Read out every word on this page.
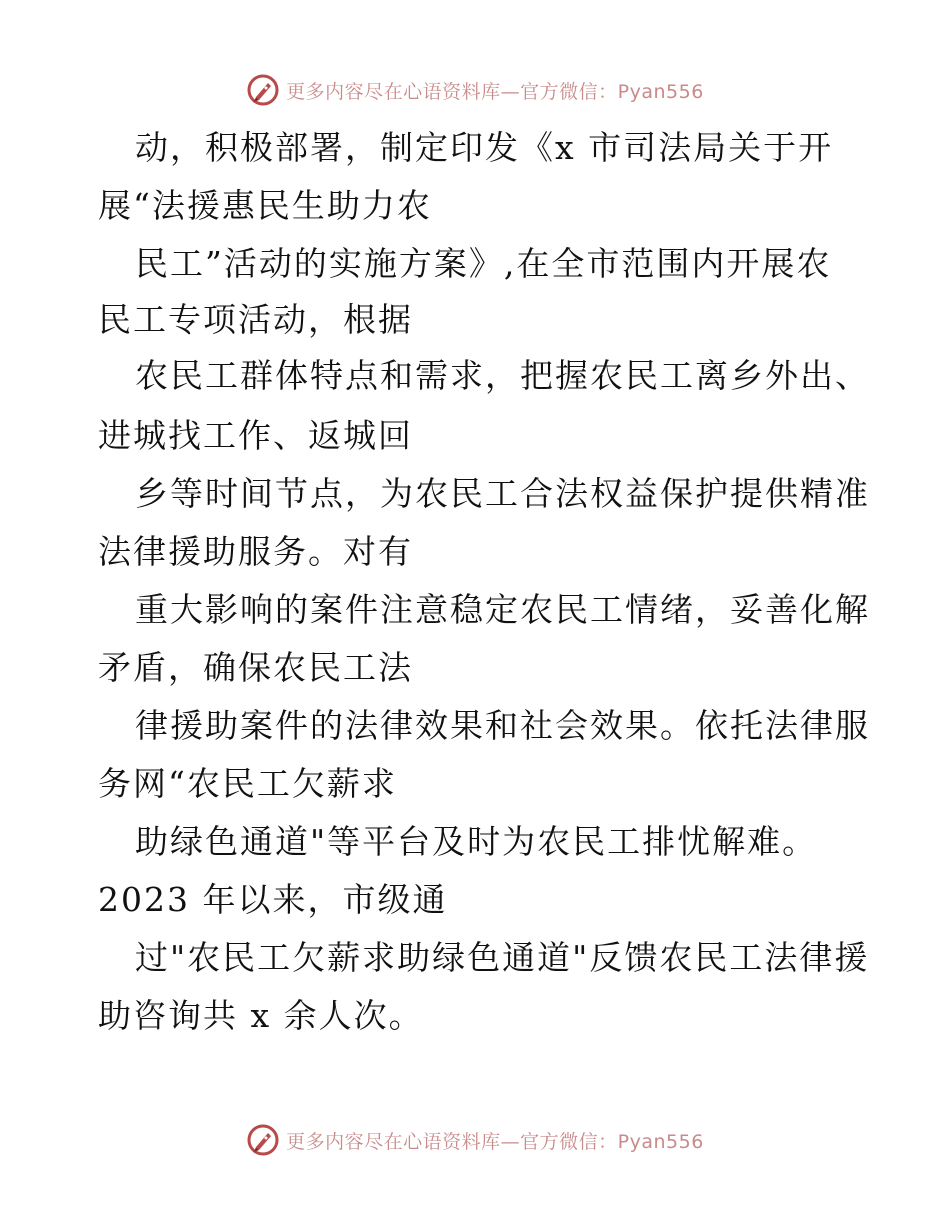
更多内容尽在心语资料库—官方微信：Pyan556
动，积极部署，制定印发《x 市司法局关于开
展“法援惠民生助力农
民工”活动的实施方案》,在全市范围内开展农
民工专项活动，根据
农民工群体特点和需求，把握农民工离乡外出、
进城找工作、返城回
乡等时间节点，为农民工合法权益保护提供精准
法律援助服务。对有
重大影响的案件注意稳定农民工情绪，妥善化解
矛盾，确保农民工法
律援助案件的法律效果和社会效果。依托法律服
务网“农民工欠薪求
助绿色通道"等平台及时为农民工排忧解难。
2023 年以来，市级通
过"农民工欠薪求助绿色通道"反馈农民工法律援
助咨询共 x 余人次。
更多内容尽在心语资料库—官方微信：Pyan556
